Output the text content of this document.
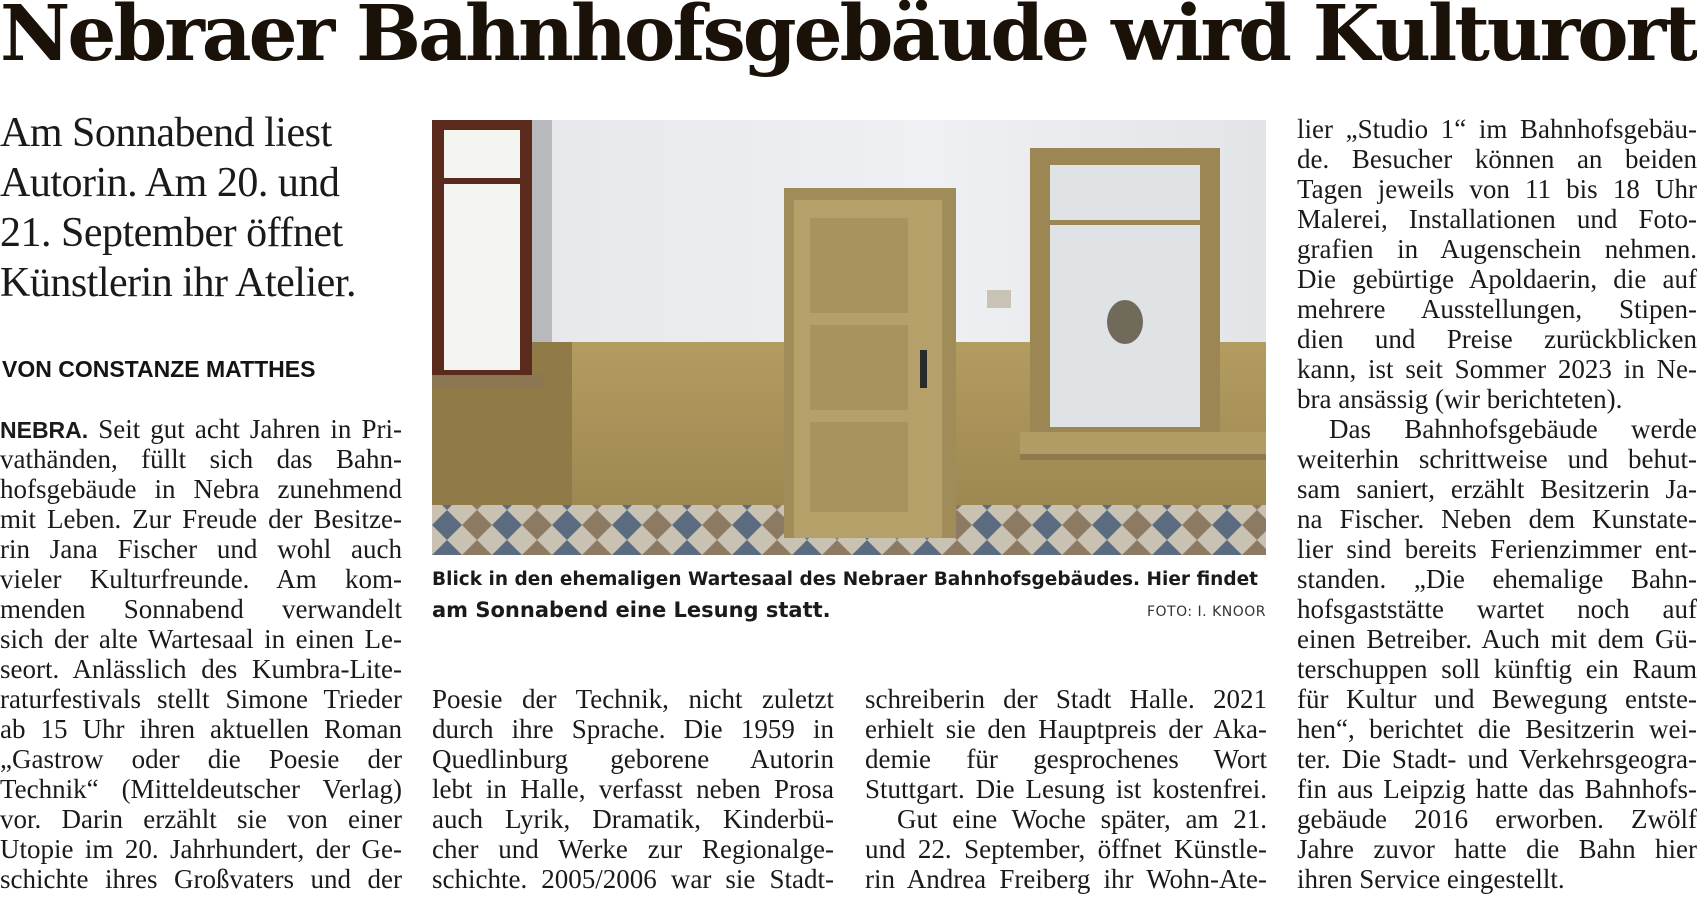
Nebraer Bahnhofsgebäude wird Kulturort
Am Sonnabend liest
Autorin. Am 20. und
21. September öffnet
Künstlerin ihr Atelier.
VON CONSTANZE MATTHES
NEBRA. Seit gut acht Jahren in Pri-
vathänden, füllt sich das Bahn-
hofsgebäude in Nebra zunehmend
mit Leben. Zur Freude der Besitze-
rin Jana Fischer und wohl auch
vieler Kulturfreunde. Am kom-
menden Sonnabend verwandelt
sich der alte Wartesaal in einen Le-
seort. Anlässlich des Kumbra-Lite-
raturfestivals stellt Simone Trieder
ab 15 Uhr ihren aktuellen Roman
„Gastrow oder die Poesie der
Technik“ (Mitteldeutscher Verlag)
vor. Darin erzählt sie von einer
Utopie im 20. Jahrhundert, der Ge-
schichte ihres Großvaters und der
Blick in den ehemaligen Wartesaal des Nebraer Bahnhofsgebäudes. Hier findet
am Sonnabend eine Lesung statt.	FOTO: I. KNOOR
Poesie der Technik, nicht zuletzt
durch ihre Sprache. Die 1959 in
Quedlinburg geborene Autorin
lebt in Halle, verfasst neben Prosa
auch Lyrik, Dramatik, Kinderbü-
cher und Werke zur Regionalge-
schichte. 2005/2006 war sie Stadt-
schreiberin der Stadt Halle. 2021
erhielt sie den Hauptpreis der Aka-
demie für gesprochenes Wort
Stuttgart. Die Lesung ist kostenfrei.
Gut eine Woche später, am 21.
und 22. September, öffnet Künstle-
rin Andrea Freiberg ihr Wohn-Ate-
lier „Studio 1“ im Bahnhofsgebäu-
de. Besucher können an beiden
Tagen jeweils von 11 bis 18 Uhr
Malerei, Installationen und Foto-
grafien in Augenschein nehmen.
Die gebürtige Apoldaerin, die auf
mehrere Ausstellungen, Stipen-
dien und Preise zurückblicken
kann, ist seit Sommer 2023 in Ne-
bra ansässig (wir berichteten).
Das Bahnhofsgebäude werde
weiterhin schrittweise und behut-
sam saniert, erzählt Besitzerin Ja-
na Fischer. Neben dem Kunstate-
lier sind bereits Ferienzimmer ent-
standen. „Die ehemalige Bahn-
hofsgaststätte wartet noch auf
einen Betreiber. Auch mit dem Gü-
terschuppen soll künftig ein Raum
für Kultur und Bewegung entste-
hen“, berichtet die Besitzerin wei-
ter. Die Stadt- und Verkehrsgeogra-
fin aus Leipzig hatte das Bahnhofs-
gebäude 2016 erworben. Zwölf
Jahre zuvor hatte die Bahn hier
ihren Service eingestellt.
